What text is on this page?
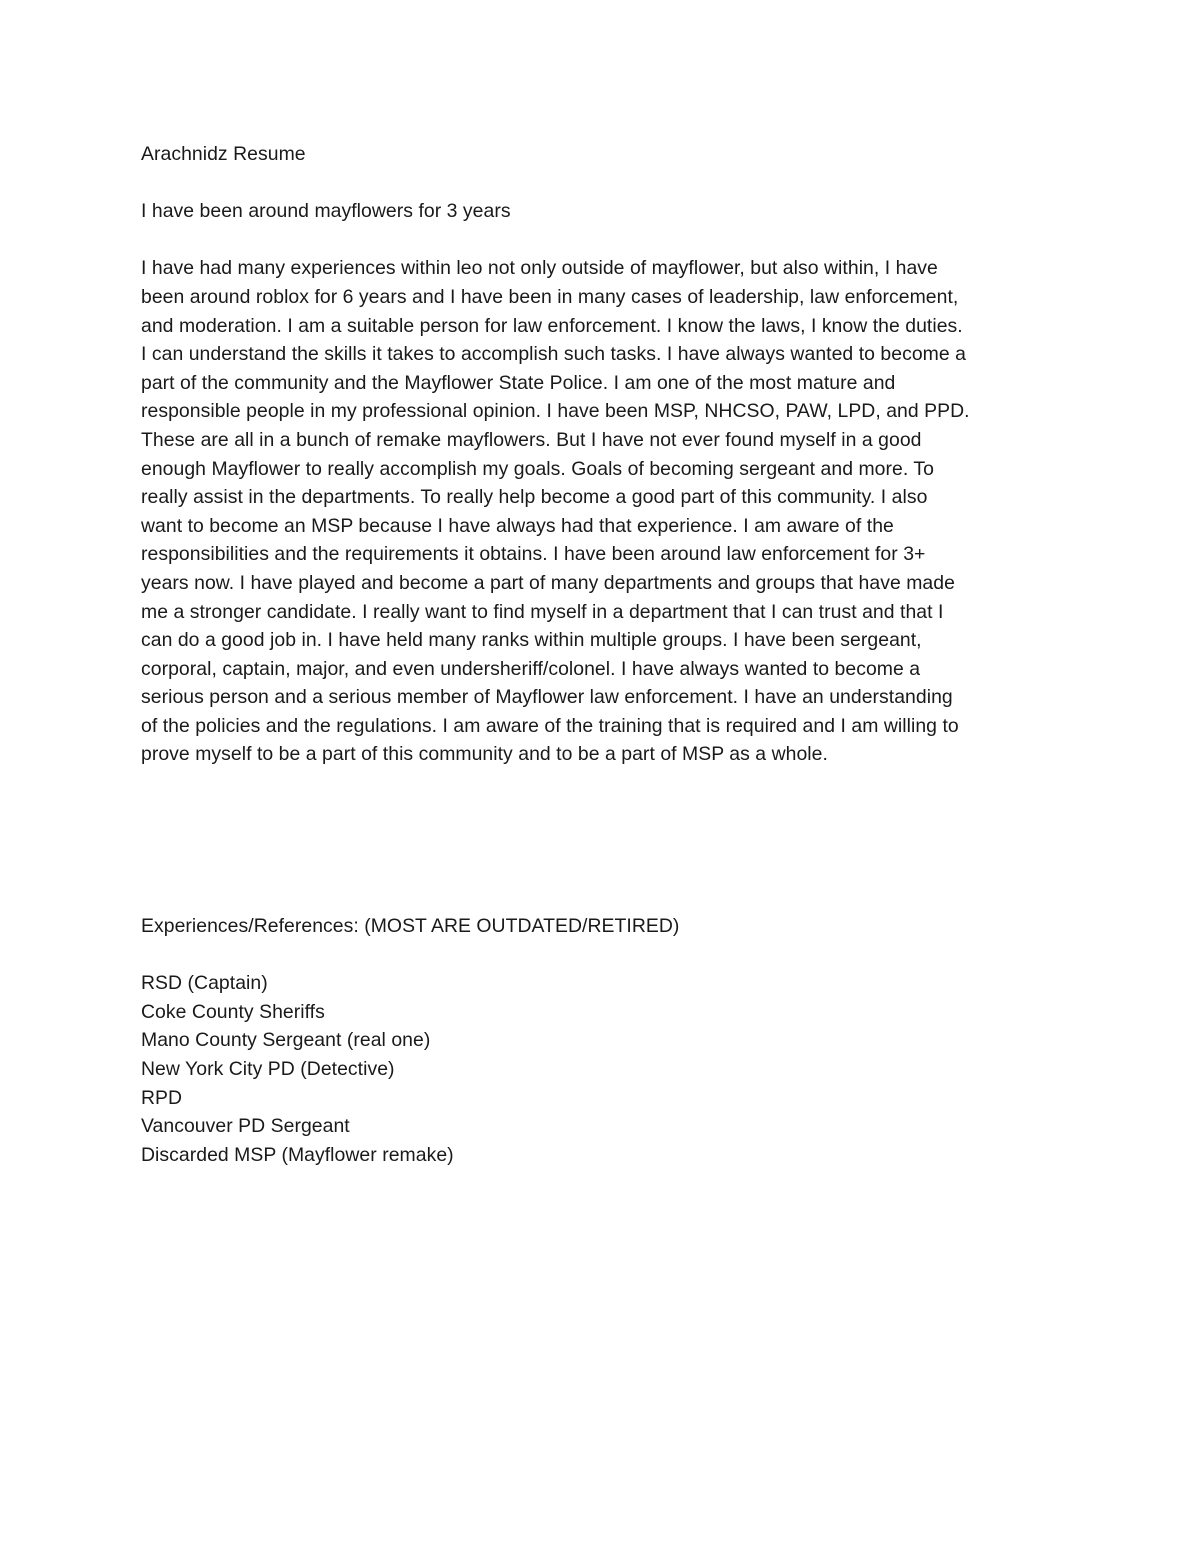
Arachnidz Resume

I have been around mayflowers for 3 years

I have had many experiences within leo not only outside of mayflower, but also within, I have
been around roblox for 6 years and I have been in many cases of leadership, law enforcement,
and moderation. I am a suitable person for law enforcement. I know the laws, I know the duties.
I can understand the skills it takes to accomplish such tasks. I have always wanted to become a
part of the community and the Mayflower State Police. I am one of the most mature and
responsible people in my professional opinion. I have been MSP, NHCSO, PAW, LPD, and PPD.
These are all in a bunch of remake mayflowers. But I have not ever found myself in a good
enough Mayflower to really accomplish my goals. Goals of becoming sergeant and more. To
really assist in the departments. To really help become a good part of this community. I also
want to become an MSP because I have always had that experience. I am aware of the
responsibilities and the requirements it obtains. I have been around law enforcement for 3+
years now. I have played and become a part of many departments and groups that have made
me a stronger candidate. I really want to find myself in a department that I can trust and that I
can do a good job in. I have held many ranks within multiple groups. I have been sergeant,
corporal, captain, major, and even undersheriff/colonel. I have always wanted to become a
serious person and a serious member of Mayflower law enforcement. I have an understanding
of the policies and the regulations. I am aware of the training that is required and I am willing to
prove myself to be a part of this community and to be a part of MSP as a whole.

Experiences/References: (MOST ARE OUTDATED/RETIRED)

RSD (Captain)
Coke County Sheriffs
Mano County Sergeant (real one)
New York City PD (Detective)
RPD
Vancouver PD Sergeant
Discarded MSP (Mayflower remake)
